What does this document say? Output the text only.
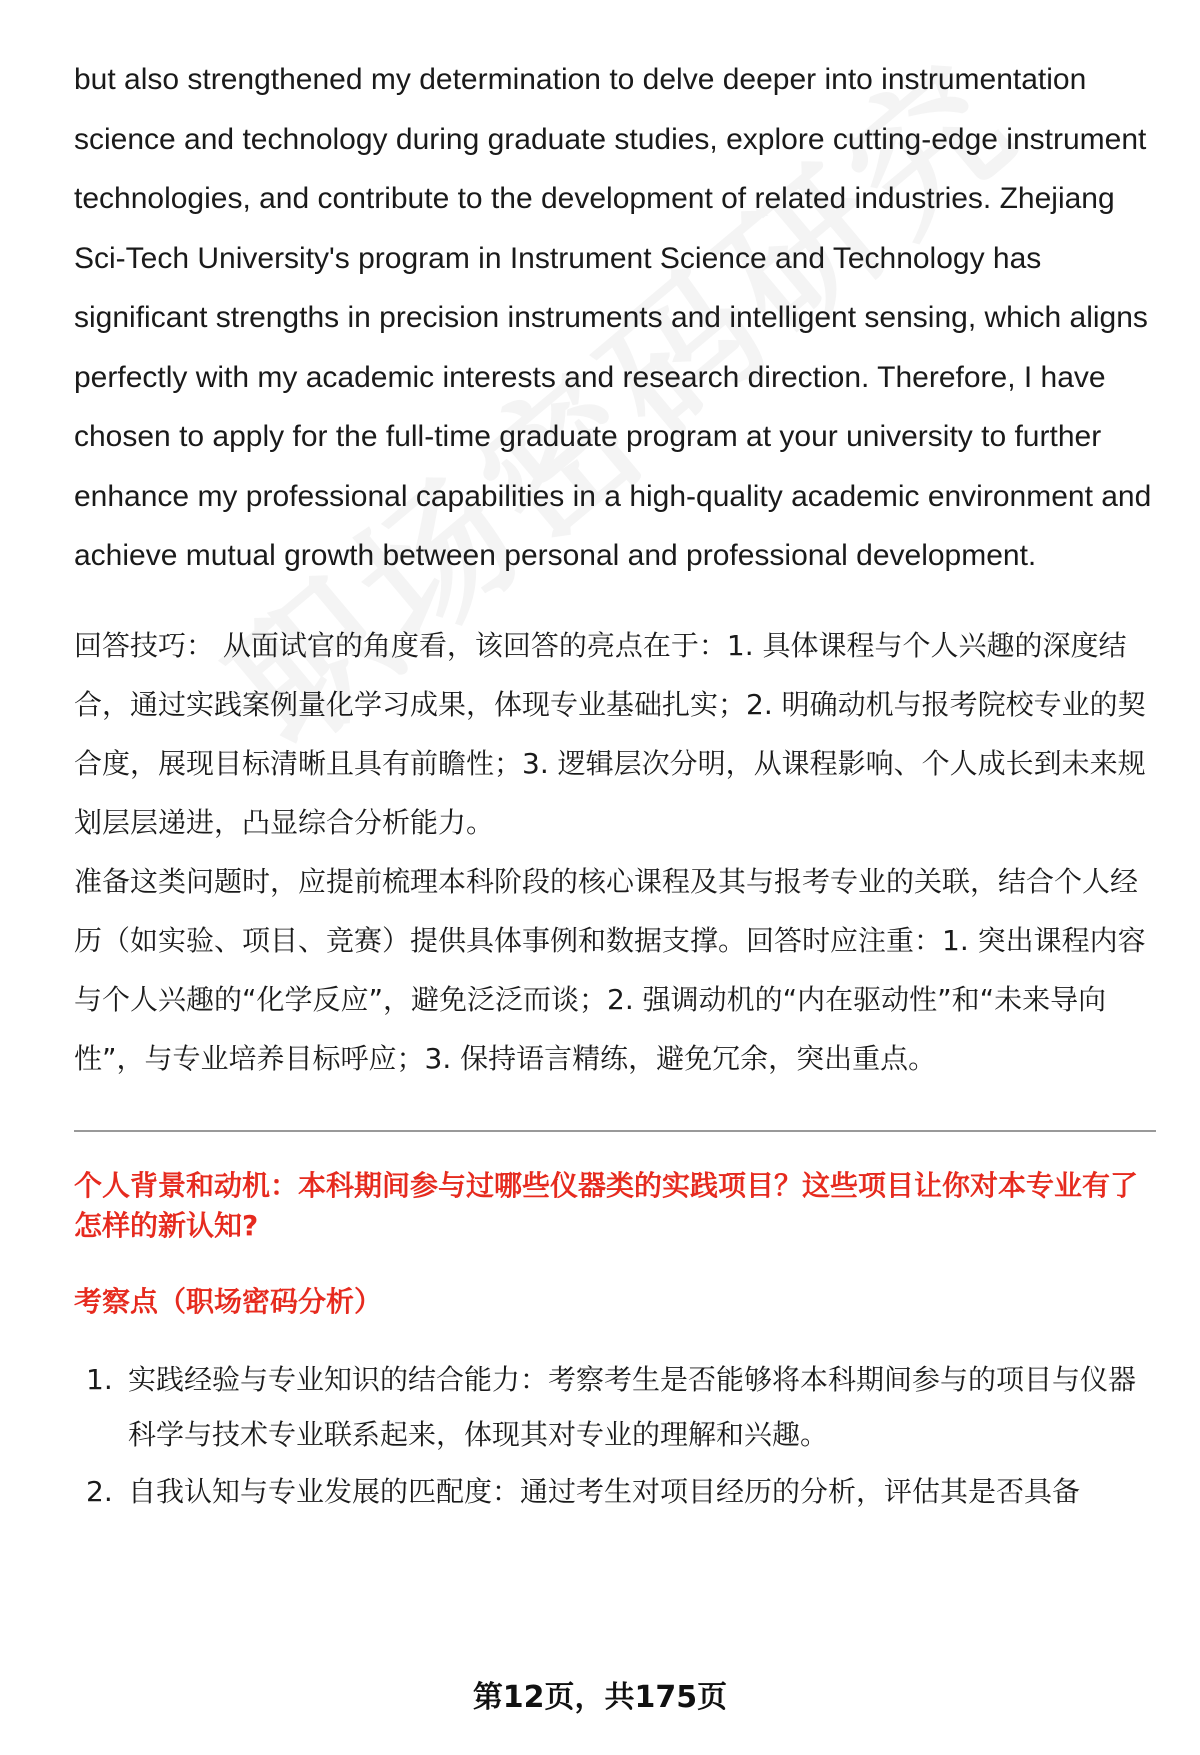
but also strengthened my determination to delve deeper into instrumentation science and technology during graduate studies, explore cutting-edge instrument technologies, and contribute to the development of related industries. Zhejiang Sci-Tech University's program in Instrument Science and Technology has significant strengths in precision instruments and intelligent sensing, which aligns perfectly with my academic interests and research direction. Therefore, I have chosen to apply for the full-time graduate program at your university to further enhance my professional capabilities in a high-quality academic environment and achieve mutual growth between personal and professional development.

回答技巧： 从面试官的角度看，该回答的亮点在于：1. 具体课程与个人兴趣的深度结合，通过实践案例量化学习成果，体现专业基础扎实；2. 明确动机与报考院校专业的契合度，展现目标清晰且具有前瞻性；3. 逻辑层次分明，从课程影响、个人成长到未来规划层层递进，凸显综合分析能力。

准备这类问题时，应提前梳理本科阶段的核心课程及其与报考专业的关联，结合个人经历（如实验、项目、竞赛）提供具体事例和数据支撑。回答时应注重：1. 突出课程内容与个人兴趣的“化学反应”，避免泛泛而谈；2. 强调动机的“内在驱动性”和“未来导向性”，与专业培养目标呼应；3. 保持语言精练，避免冗余，突出重点。

个人背景和动机：本科期间参与过哪些仪器类的实践项目？这些项目让你对本专业有了怎样的新认知?
考察点（职场密码分析）
1. 实践经验与专业知识的结合能力：考察考生是否能够将本科期间参与的项目与仪器科学与技术专业联系起来，体现其对专业的理解和兴趣。
2. 自我认知与专业发展的匹配度：通过考生对项目经历的分析，评估其是否具备
第12页，共175页
